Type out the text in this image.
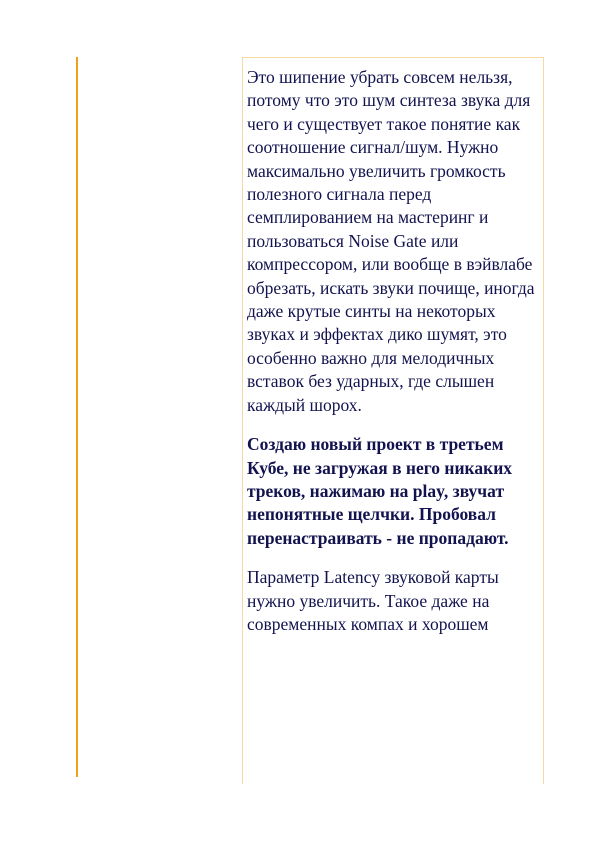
Это шипение убрать совсем нельзя, потому что это шум синтеза звука для чего и существует такое понятие как соотношение сигнал/шум. Нужно максимально увеличить громкость полезного сигнала перед семплированием на мастеринг и пользоваться Noise Gate или компрессором, или вообще в вэйвлабе обрезать, искать звуки почище, иногда даже крутые синты на некоторых звуках и эффектах дико шумят, это особенно важно для мелодичных вставок без ударных, где слышен каждый шорох.

Создаю новый проект в третьем Кубе, не загружая в него никаких треков, нажимаю на play, звучат непонятные щелчки. Пробовал перенастраивать - не пропадают.

Параметр Latency звуковой карты нужно увеличить. Такое даже на современных компах и хорошем
